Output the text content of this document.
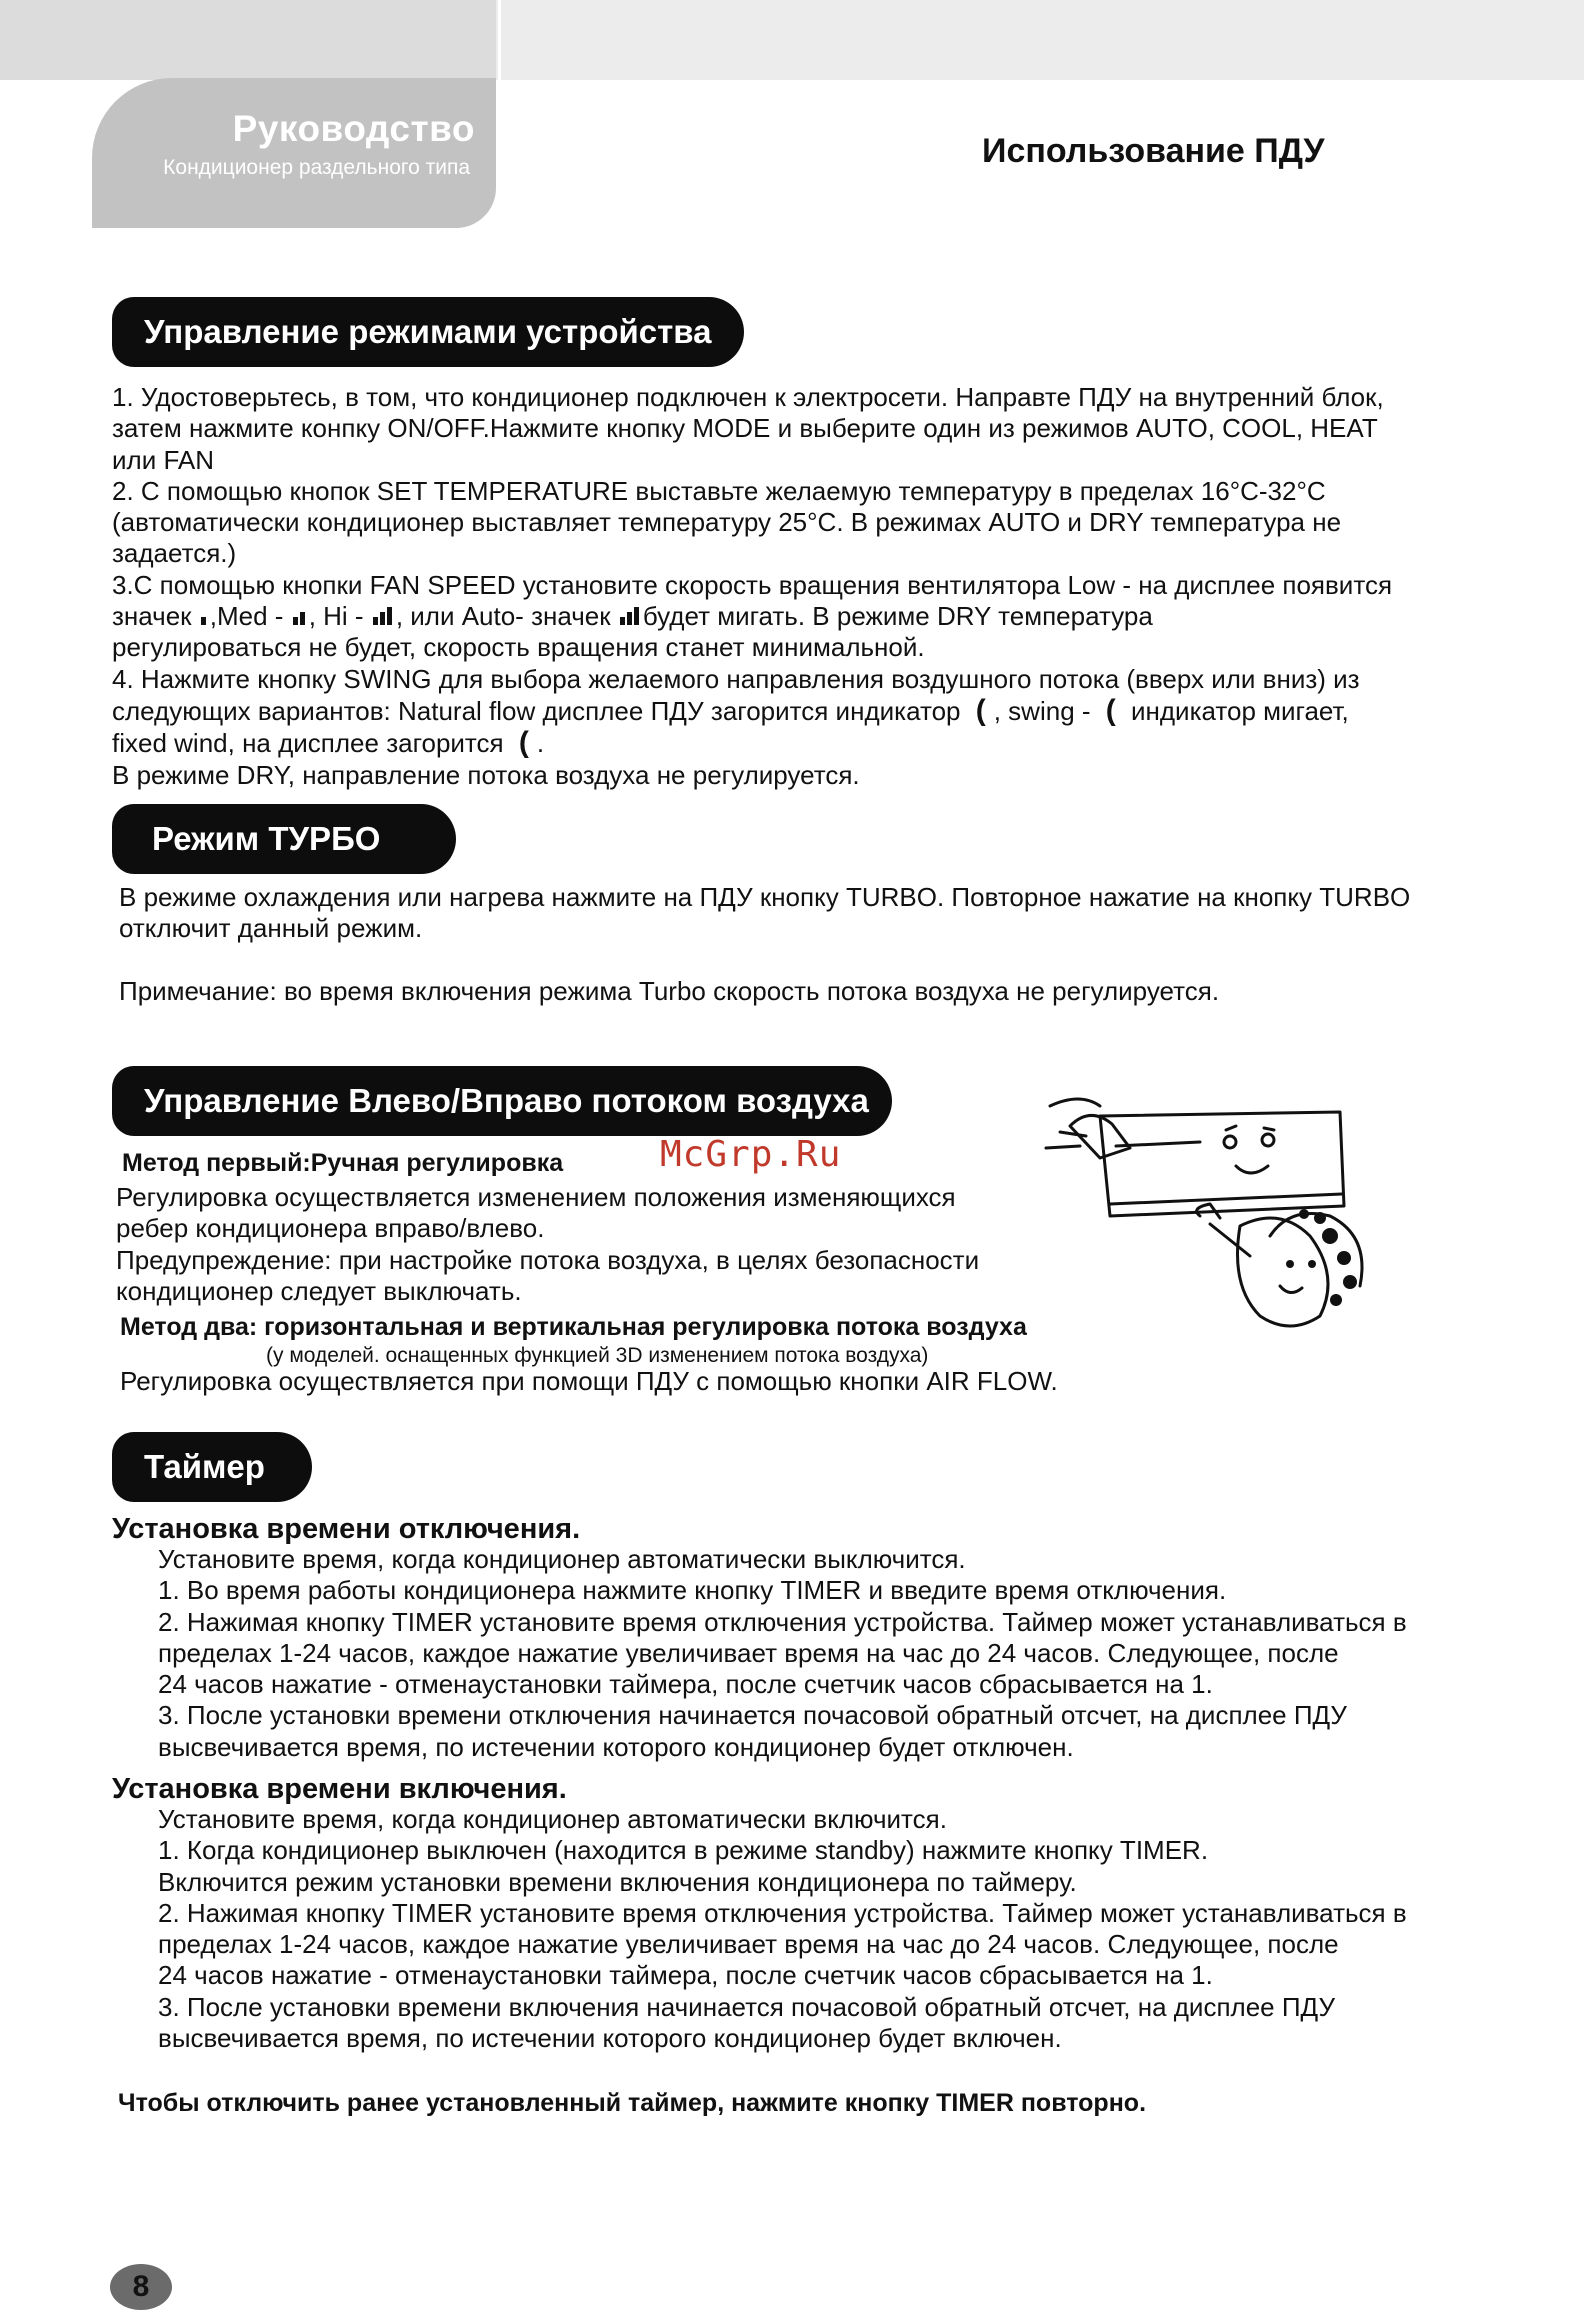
Руководство
Кондиционер раздельного типа	Использование ПДУ
Управление режимами устройства

1. Удостоверьтесь, в том, что кондиционер подключен к электросети. Направте ПДУ на внутренний блок,

затем нажмите конпку ON/OFF.Нажмите кнопку MODE и выберите один из режимов AUTO, COOL, HEAT

или FAN

2. С помощью кнопок SET TEMPERATURE выставьте желаемую температуру в пределах 16°С-32°С

(автоматически кондиционер выставляет температуру 25°С. В режимах AUTO и DRY температура не

задается.)

3.С помощью кнопки FAN SPEED установите скорость вращения вентилятора Low - на дисплее появится

значек ,Med - , Hi - , или Auto- значек будет мигать. В режиме DRY температура

регулироваться не будет, скорость вращения станет минимальной.

4. Нажмите кнопку SWING для выбора желаемого направления воздушного потока (вверх или вниз) из

следующих вариантов: Natural flow дисплее ПДУ загорится индикатор ( , swing - ( индикатор мигает,

fixed wind, на дисплее загорится ( .

В режиме DRY, направление потока воздуха не регулируется.

Режим ТУРБО

В режиме охлаждения или нагрева нажмите на ПДУ кнопку TURBO. Повторное нажатие на кнопку TURBO

отключит данный режим.

Примечание: во время включения режима Turbo скорость потока воздуха не регулируется.

Управление Влево/Вправо потоком воздуха
Метод первый:Ручная регулировка	McGrp.Ru

Регулировка осуществляется изменением положения изменяющихся

ребер кондиционера вправо/влево.

Предупреждение: при настройке потока воздуха, в целях безопасности

кондиционер следует выключать.

Метод два: горизонтальная и вертикальная регулировка потока воздуха
(у моделей. оснащенных функцией 3D изменением потока воздуха)
Регулировка осуществляется при помощи ПДУ с помощью кнопки AIR FLOW.
Таймер
Установка времени отключения.

Установите время, когда кондиционер автоматически выключится.

1. Во время работы кондиционера нажмите кнопку TIMER и введите время отключения.

2. Нажимая кнопку TIMER установите время отключения устройства. Таймер может устанавливаться в

пределах 1-24 часов, каждое нажатие увеличивает время на час до 24 часов. Следующее, после

24 часов нажатие - отменаустановки таймера, после счетчик часов сбрасывается на 1.

3. После установки времени отключения начинается почасовой обратный отсчет, на дисплее ПДУ

высвечивается время, по истечении которого кондиционер будет отключен.

Установка времени включения.

Установите время, когда кондиционер автоматически включится.

1. Когда кондиционер выключен (находится в режиме standby) нажмите кнопку TIMER.

Включится режим установки времени включения кондиционера по таймеру.

2. Нажимая кнопку TIMER установите время отключения устройства. Таймер может устанавливаться в

пределах 1-24 часов, каждое нажатие увеличивает время на час до 24 часов. Следующее, после

24 часов нажатие - отменаустановки таймера, после счетчик часов сбрасывается на 1.

3. После установки времени включения начинается почасовой обратный отсчет, на дисплее ПДУ

высвечивается время, по истечении которого кондиционер будет включен.

Чтобы отключить ранее установленный таймер, нажмите кнопку TIMER повторно.
8
